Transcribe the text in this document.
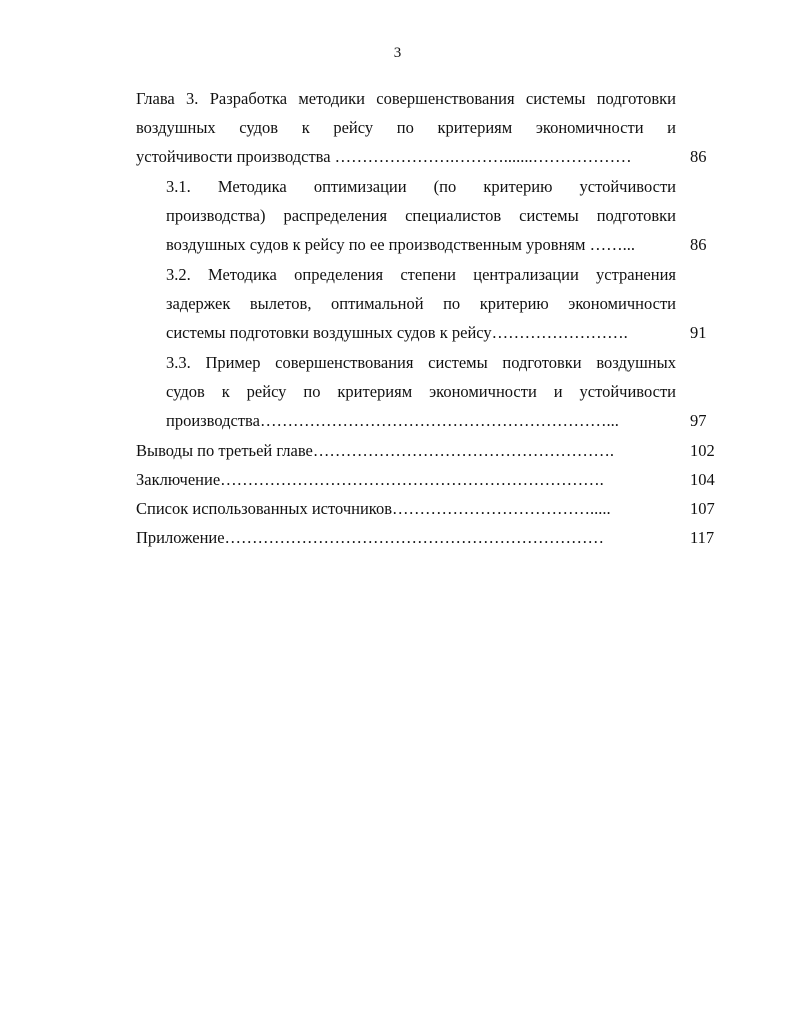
3
Глава 3. Разработка методики совершенствования системы подготовки
воздушных судов к рейсу по критериям экономичности и
устойчивости производства ………………….……….......………………	86
3.1. Методика оптимизации (по критерию устойчивости
производства) распределения специалистов системы подготовки
воздушных судов к рейсу по ее производственным уровням ……...	86
3.2. Методика определения степени централизации устранения
задержек вылетов, оптимальной по критерию экономичности
системы подготовки воздушных судов к рейсу…………………….	91
3.3. Пример совершенствования системы подготовки воздушных
судов к рейсу по критериям экономичности и устойчивости
производства………………………………………………………...	97
Выводы по третьей главе……………………………………………….	102
Заключение…………………………………………………………….	104
Список использованных источников……………………………….....	107
Приложение……………………………………………………………	117
